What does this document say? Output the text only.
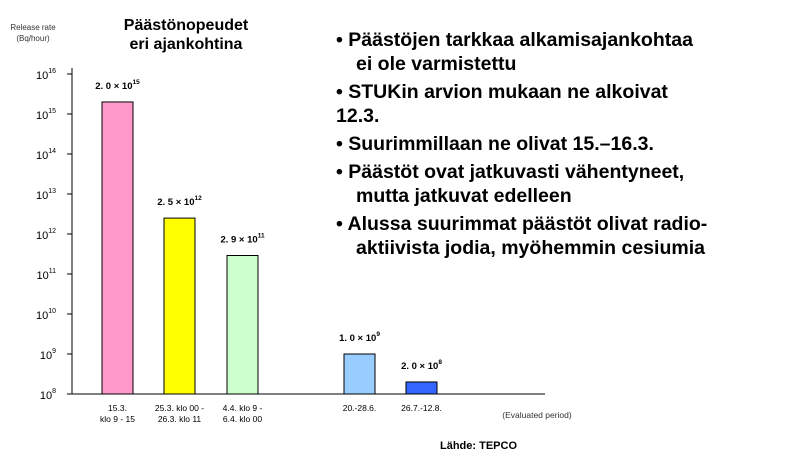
Release rate
(Bq/hour)
$10^{16}$
$10^{15}$
$10^{14}$
$10^{13}$
$10^{12}$
$10^{11}$
$10^{10}$
$10^9$
$10^8$
2. $0 \times 10^{15}$
15.3.
klo 9 - 15
2. $5 \times 10^{12}$
25.3. klo 00 -
26.3. klo 11
2. $9 \times 10^{11}$
4.4. klo 9 -
6.4. klo 00
1. $0 \times 10^9$
20.-28.6.
2. $0 \times 10^8$
26.7.-12.8.
(Evaluated period)
Päästönopeudet
eri ajankohtina	• Päästöjen tarkkaa alkamisajankohtaa
ei ole varmistettu
• STUKin arvion mukaan ne alkoivat
12.3.
• Suurimmillaan ne olivat 15.–16.3.
• Päästöt ovat jatkuvasti vähentyneet,
mutta jatkuvat edelleen
• Alussa suurimmat päästöt olivat radio-
aktiivista jodia, myöhemmin cesiumia
Lähde: TEPCO
